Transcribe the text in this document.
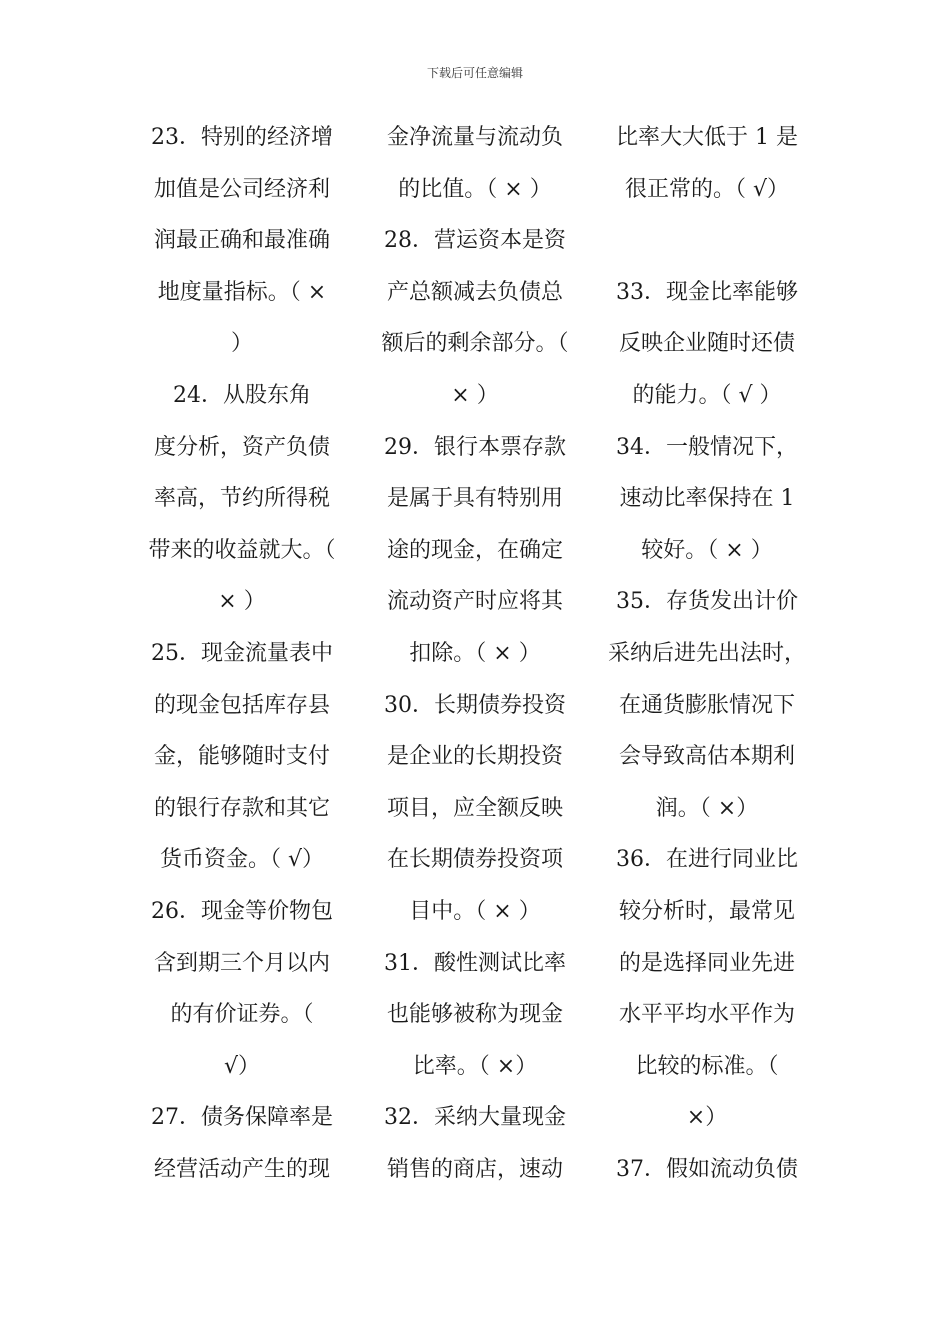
下载后可任意编辑
23．特别的经济增
加值是公司经济利
润最正确和最准确
地度量指标。（ ×
）
24．从股东角
度分析，资产负债
率高，节约所得税
带来的收益就大。（
× ）
25．现金流量表中
的现金包括库存县
金，能够随时支付
的银行存款和其它
货币资金。（ √）
26．现金等价物包
含到期三个月以内
的有价证券。（
√）
27．债务保障率是
经营活动产生的现
金净流量与流动负
的比值。（ × ）
28．营运资本是资
产总额减去负债总
额后的剩余部分。（
× ）
29．银行本票存款
是属于具有特别用
途的现金，在确定
流动资产时应将其
扣除。（ × ）
30．长期债券投资
是企业的长期投资
项目，应全额反映
在长期债券投资项
目中。（ × ）
31．酸性测试比率
也能够被称为现金
比率。（ ×）
32．采纳大量现金
销售的商店，速动
比率大大低于 1 是
很正常的。（ √）
33．现金比率能够
反映企业随时还债
的能力。（ √ ）
34．一般情况下，
速动比率保持在 1
较好。（ × ）
35．存货发出计价
采纳后进先出法时，
在通货膨胀情况下
会导致高估本期利
润。（ ×）
36．在进行同业比
较分析时，最常见
的是选择同业先进
水平平均水平作为
比较的标准。（
×）
37．假如流动负债
